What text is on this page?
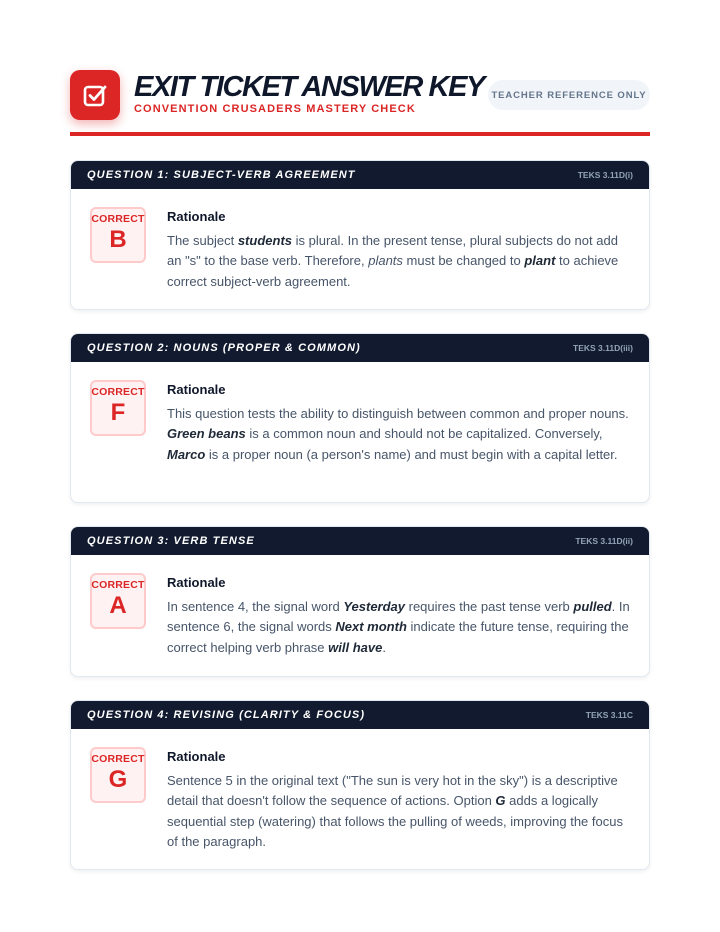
EXIT TICKET ANSWER KEY
CONVENTION CRUSADERS MASTERY CHECK
TEACHER REFERENCE ONLY
QUESTION 1: SUBJECT-VERB AGREEMENT	TEKS 3.11D(i)
CORRECT
B
Rationale
The subject students is plural. In the present tense, plural subjects do not add an "s" to the base verb. Therefore, plants must be changed to plant to achieve correct subject-verb agreement.
QUESTION 2: NOUNS (PROPER & COMMON)	TEKS 3.11D(iii)
CORRECT
F
Rationale
This question tests the ability to distinguish between common and proper nouns. Green beans is a common noun and should not be capitalized. Conversely, Marco is a proper noun (a person's name) and must begin with a capital letter.
QUESTION 3: VERB TENSE	TEKS 3.11D(ii)
CORRECT
A
Rationale
In sentence 4, the signal word Yesterday requires the past tense verb pulled. In sentence 6, the signal words Next month indicate the future tense, requiring the correct helping verb phrase will have.
QUESTION 4: REVISING (CLARITY & FOCUS)	TEKS 3.11C
CORRECT
G
Rationale
Sentence 5 in the original text ("The sun is very hot in the sky") is a descriptive detail that doesn't follow the sequence of actions. Option G adds a logically sequential step (watering) that follows the pulling of weeds, improving the focus of the paragraph.
